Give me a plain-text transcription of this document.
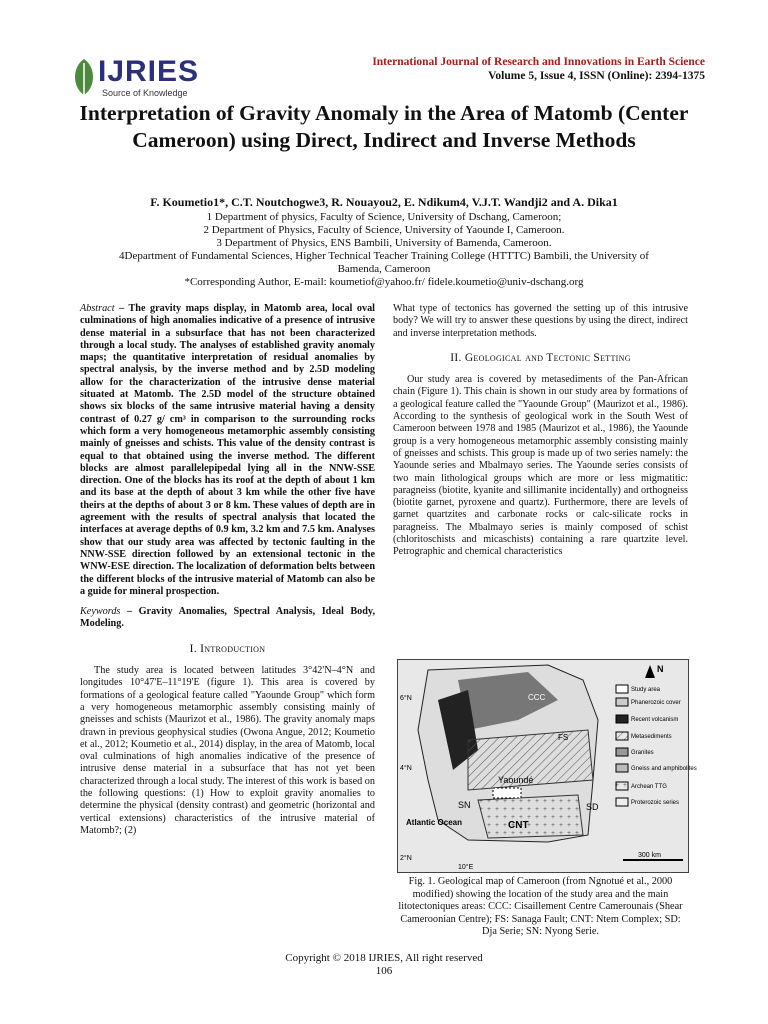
IJRIES
Source of Knowledge
International Journal of Research and Innovations in Earth Science
Volume 5, Issue 4, ISSN (Online): 2394-1375
Interpretation of Gravity Anomaly in the Area of Matomb (Center Cameroon) using Direct, Indirect and Inverse Methods
F. Koumetio1*, C.T. Noutchogwe3, R. Nouayou2, E. Ndikum4, V.J.T. Wandji2 and A. Dika1
1 Department of physics, Faculty of Science, University of Dschang, Cameroon;
2 Department of Physics, Faculty of Science, University of Yaounde I, Cameroon.
3 Department of Physics, ENS Bambili, University of Bamenda, Cameroon.
4Department of Fundamental Sciences, Higher Technical Teacher Training College (HTTTC) Bambili, the University of Bamenda, Cameroon
*Corresponding Author, E-mail: koumetiof@yahoo.fr/ fidele.koumetio@univ-dschang.org
Abstract – The gravity maps display, in Matomb area, local oval culminations of high anomalies indicative of a presence of intrusive dense material in a subsurface that has not been characterized through a local study. The analyses of established gravity anomaly maps; the quantitative interpretation of residual anomalies by spectral analysis, by the inverse method and by 2.5D modeling allow for the characterization of the intrusive dense material situated at Matomb. The 2.5D model of the structure obtained shows six blocks of the same intrusive material having a density contrast of 0.27 g/ cm³ in comparison to the surrounding rocks which form a very homogeneous metamorphic assembly consisting mainly of gneisses and schists. This value of the density contrast is equal to that obtained using the inverse method. The different blocks are almost parallelepipedal lying all in the NNW-SSE direction. One of the blocks has its roof at the depth of about 1 km and its base at the depth of about 3 km while the other five have theirs at the depths of about 3 or 8 km. These values of depth are in agreement with the results of spectral analysis that located the interfaces at average depths of 0.9 km, 3.2 km and 7.5 km. Analyses show that our study area was affected by tectonic faulting in the NNW-SSE direction followed by an extensional tectonic in the WNW-ESE direction. The localization of deformation belts between the different blocks of the intrusive material of Matomb can also be a guide for mineral prospection.
Keywords – Gravity Anomalies, Spectral Analysis, Ideal Body, Modeling.
I. Introduction

The study area is located between latitudes 3°42'N–4°N and longitudes 10°47'E–11°19'E (figure 1). This area is covered by formations of a geological feature called "Yaounde Group" which form a very homogeneous metamorphic assembly consisting mainly of gneisses and schists (Maurizot et al., 1986). The gravity anomaly maps drawn in previous geophysical studies (Owona Angue, 2012; Koumetio et al., 2012; Koumetio et al., 2014) display, in the area of Matomb, local oval culminations of high anomalies indicative of the presence of intrusive dense material in a subsurface that has not yet been characterized through a local study. The interest of this work is based on the following questions: (1) How to exploit gravity anomalies to determine the physical (density contrast) and geometric (horizontal and vertical extensions) characteristics of the intrusive material of Matomb?; (2)

What type of tectonics has governed the setting up of this intrusive body? We will try to answer these questions by using the direct, indirect and inverse interpretation methods.

II. Geological and Tectonic Setting

Our study area is covered by metasediments of the Pan-African chain (Figure 1). This chain is shown in our study area by formations of a geological feature called the "Yaounde Group" (Maurizot et al., 1986). According to the synthesis of geological work in the South West of Cameroon between 1978 and 1985 (Maurizot et al., 1986), the Yaounde group is a very homogeneous metamorphic assembly consisting mainly of gneisses and schists. This group is made up of two series namely: the Yaounde series and Mbalmayo series. The Yaounde series consists of two main lithological groups which are more or less migmatitic: paragneiss (biotite, kyanite and sillimanite incidentally) and orthogneiss (biotite garnet, pyroxene and quartz). Furthermore, there are levels of garnet quartzites and carbonate rocks or calc-silicate rocks in paragneiss. The Mbalmayo series is mainly composed of schist (chloritoschists and micaschists) containing a rare quartzite level. Petrographic and chemical characteristics

Yaoundé
Atlantic Ocean	CNT
SD
SN
CCC
FS
2°N
4°N
6°N
10°E
300 km
N
Study area
Phanerozoic cover
Recent volcanism
Metasediments
Granites
Gneiss and amphibolites
Archean TTG
Proterozoic series
Fig. 1. Geological map of Cameroon (from Ngnotué et al., 2000 modified) showing the location of the study area and the main litotectoniques areas: CCC: Cisaillement Centre Camerounais (Shear Cameroonian Centre); FS: Sanaga Fault; CNT: Ntem Complex; SD: Dja Serie; SN: Nyong Serie.
Copyright © 2018 IJRIES, All right reserved
106
